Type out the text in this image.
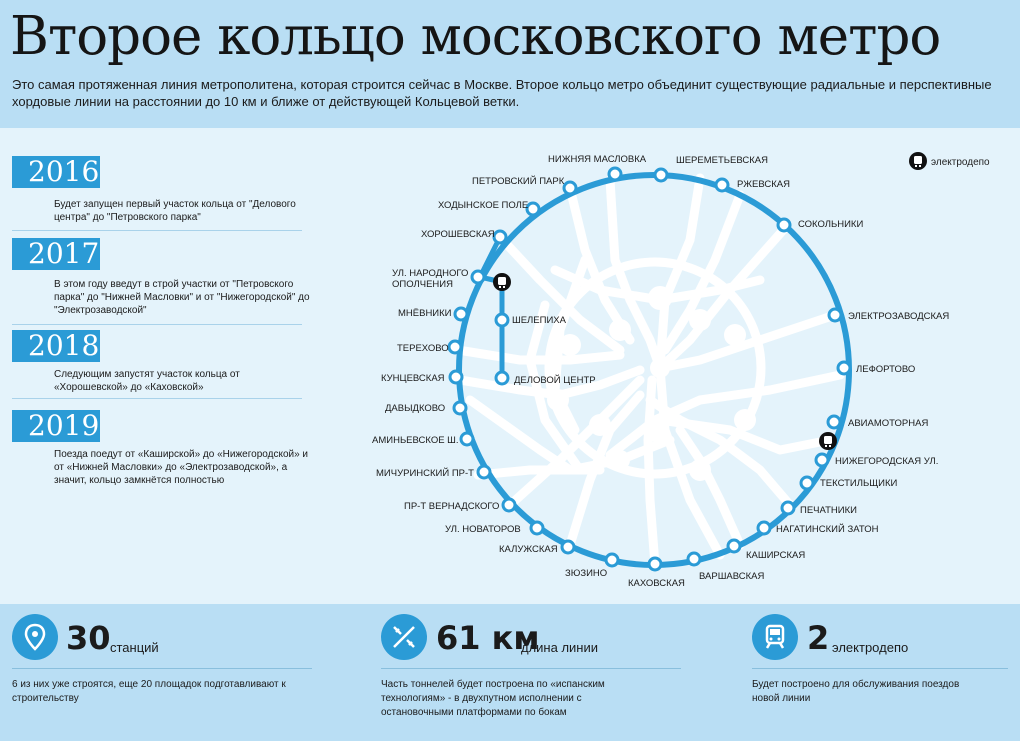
Второе кольцо московского метро
Это самая протяженная линия метрополитена, которая строится сейчас в Москве. Второе кольцо метро объединит существующие радиальные и перспективные хордовые линии на расстоянии до 10 км и ближе от действующей Кольцевой ветки.
2016
Будет запущен первый участок кольца от "Делового центра" до "Петровского парка"
2017
В этом году введут в строй участки от "Петровского парка" до "Нижней Масловки" и от "Нижегородской" до "Электрозаводской"
2018
Следующим запустят участок кольца от «Хорошевской» до «Каховской»
2019
Поезда поедут от «Каширской» до «Нижегородской» и от «Нижней Масловки» до «Электрозаводской», а значит, кольцо замкнётся полностью
электродепо
НИЖНЯЯ МАСЛОВКА	ШЕРЕМЕТЬЕВСКАЯ
ПЕТРОВСКИЙ ПАРК	РЖЕВСКАЯ
ХОДЫНСКОЕ ПОЛЕ
СОКОЛЬНИКИ
ХОРОШЕВСКАЯ
УЛ. НАРОДНОГО
ОПОЛЧЕНИЯ
ЭЛЕКТРОЗАВОДСКАЯ
МНЁВНИКИ
ШЕЛЕПИХА
ЛЕФОРТОВО
ТЕРЕХОВО
ДЕЛОВОЙ ЦЕНТР
КУНЦЕВСКАЯ
АВИАМОТОРНАЯ
ДАВЫДКОВО
НИЖЕГОРОДСКАЯ УЛ.
АМИНЬЕВСКОЕ Ш.
ТЕКСТИЛЬЩИКИ
МИЧУРИНСКИЙ ПР-Т
ПЕЧАТНИКИ
ПР-Т ВЕРНАДСКОГО
НАГАТИНСКИЙ ЗАТОН
УЛ. НОВАТОРОВ
КАШИРСКАЯ
КАЛУЖСКАЯ
ВАРШАВСКАЯ
ЗЮЗИНО
КАХОВСКАЯ
30 станций
6 из них уже строятся, еще 20 площадок подготавливают к строительству
61 км
длина линии
Часть тоннелей будет построена по «испанским технологиям» - в двухпутном исполнении с остановочными платформами по бокам
2 электродепо
Будет построено для обслуживания поездов новой линии
